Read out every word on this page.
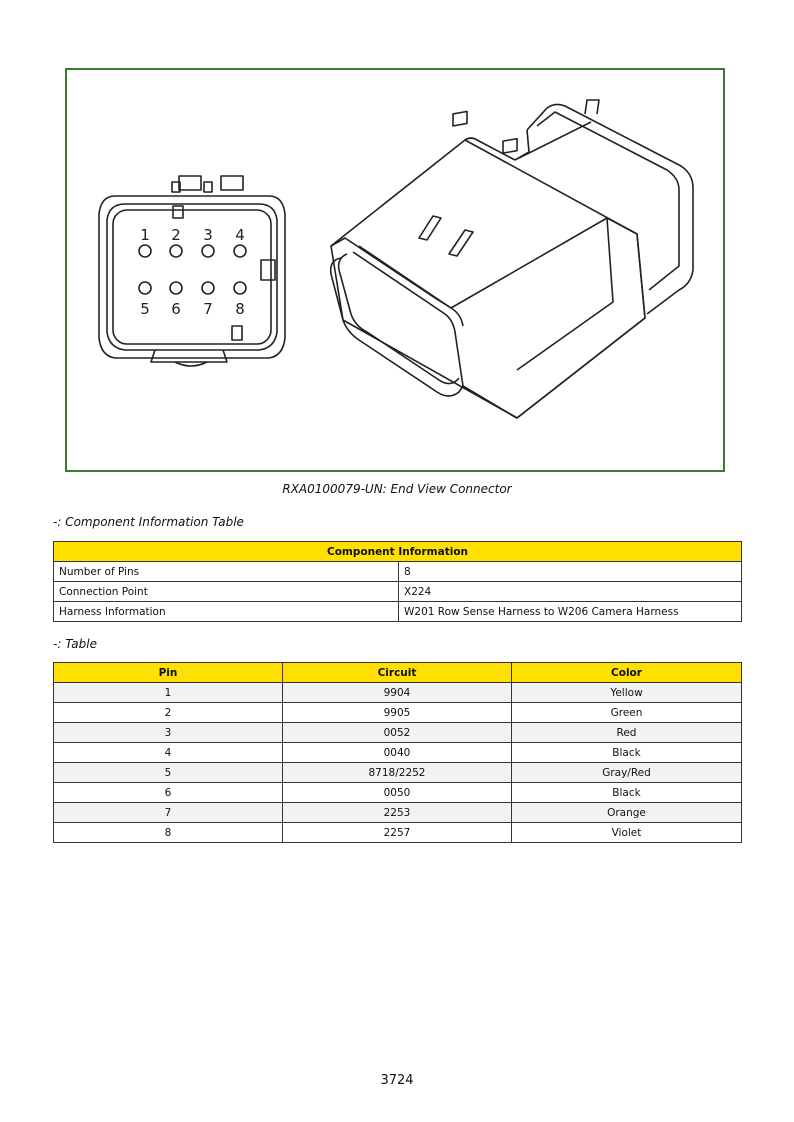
1 2 3 4
5 6 7 8
RXA0100079-UN: End View Connector
-: Component Information Table
Component Information	
Number of Pins	8
Connection Point	X224
Harness Information	W201 Row Sense Harness to W206 Camera Harness
-: Table
Pin	Circuit	Color
1	9904	Yellow
2	9905	Green
3	0052	Red
4	0040	Black
5	8718/2252	Gray/Red
6	0050	Black
7	2253	Orange
8	2257	Violet
3724
